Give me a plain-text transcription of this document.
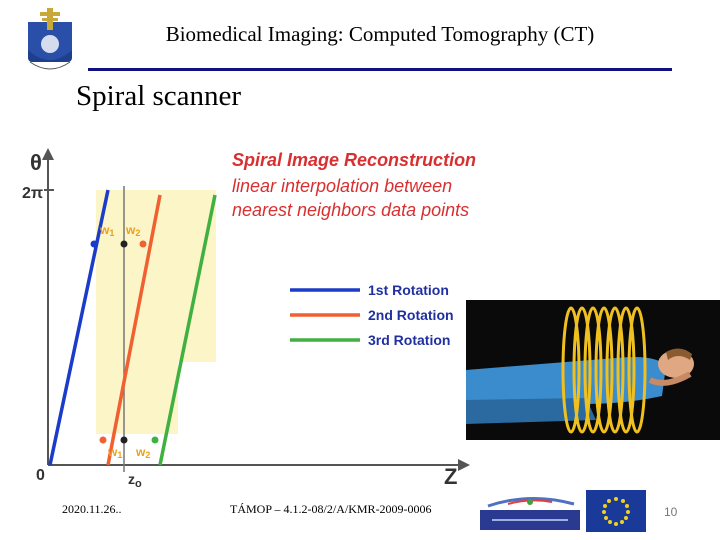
Biomedical Imaging: Computed Tomography (CT)
Spiral scanner
θ
2π
0	Z
$z_o$
w1 w2
w1 w2
Spiral Image Reconstruction
linear interpolation between
nearest neighbors data points
1st Rotation
2nd Rotation
3rd Rotation
2020.11.26..	TÁMOP – 4.1.2-08/2/A/KMR-2009-0006	10
